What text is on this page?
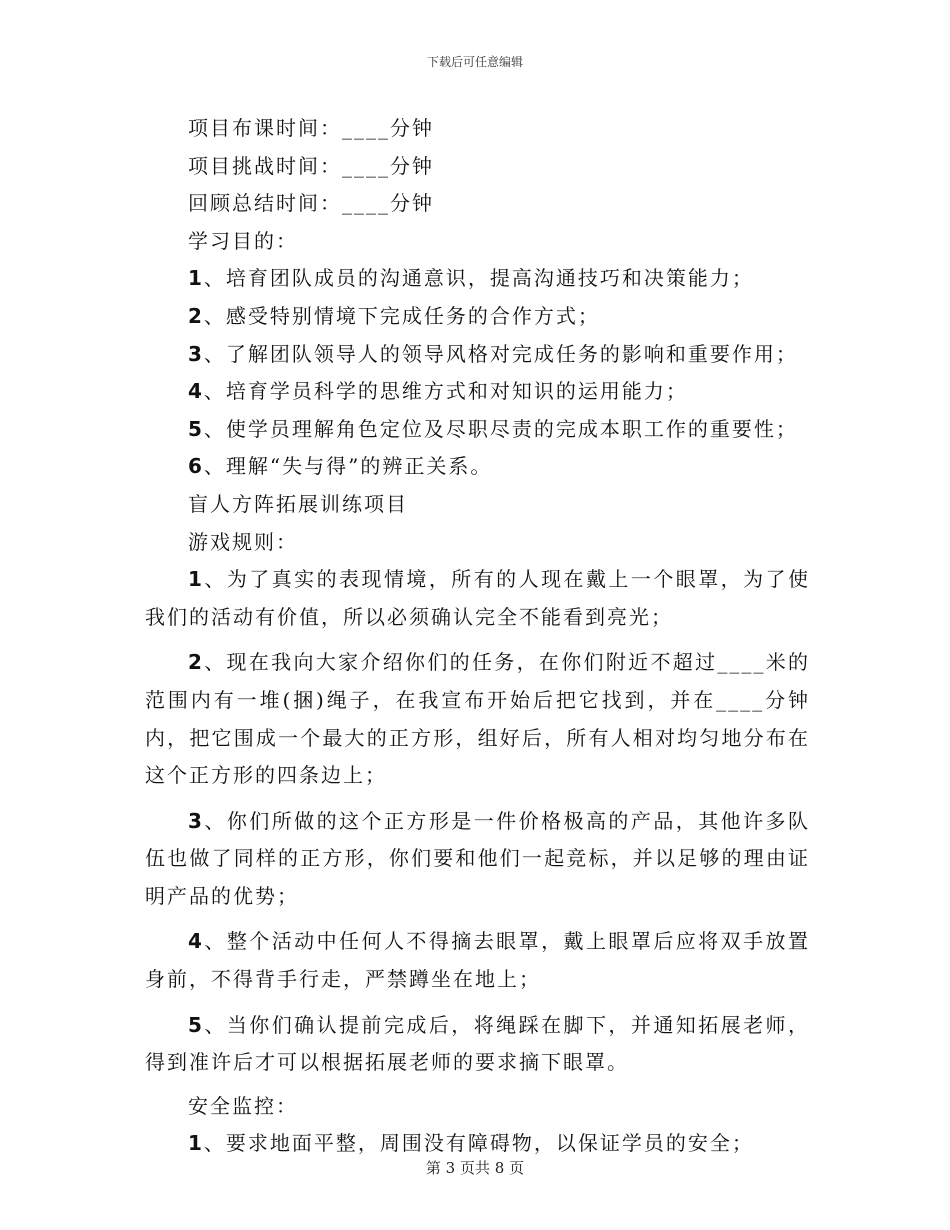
下载后可任意编辑

项目布课时间：____分钟

项目挑战时间：____分钟

回顾总结时间：____分钟

学习目的：

1、培育团队成员的沟通意识，提高沟通技巧和决策能力；

2、感受特别情境下完成任务的合作方式；

3、了解团队领导人的领导风格对完成任务的影响和重要作用；

4、培育学员科学的思维方式和对知识的运用能力；

5、使学员理解角色定位及尽职尽责的完成本职工作的重要性；

6、理解“失与得”的辨正关系。

盲人方阵拓展训练项目

游戏规则：

1、为了真实的表现情境，所有的人现在戴上一个眼罩，为了使我们的活动有价值，所以必须确认完全不能看到亮光；

2、现在我向大家介绍你们的任务，在你们附近不超过____米的范围内有一堆(捆)绳子，在我宣布开始后把它找到，并在____分钟内，把它围成一个最大的正方形，组好后，所有人相对均匀地分布在这个正方形的四条边上；

3、你们所做的这个正方形是一件价格极高的产品，其他许多队伍也做了同样的正方形，你们要和他们一起竞标，并以足够的理由证明产品的优势；

4、整个活动中任何人不得摘去眼罩，戴上眼罩后应将双手放置身前，不得背手行走，严禁蹲坐在地上；

5、当你们确认提前完成后，将绳踩在脚下，并通知拓展老师，得到准许后才可以根据拓展老师的要求摘下眼罩。

安全监控：

1、要求地面平整，周围没有障碍物，以保证学员的安全；

第 3 页共 8 页
